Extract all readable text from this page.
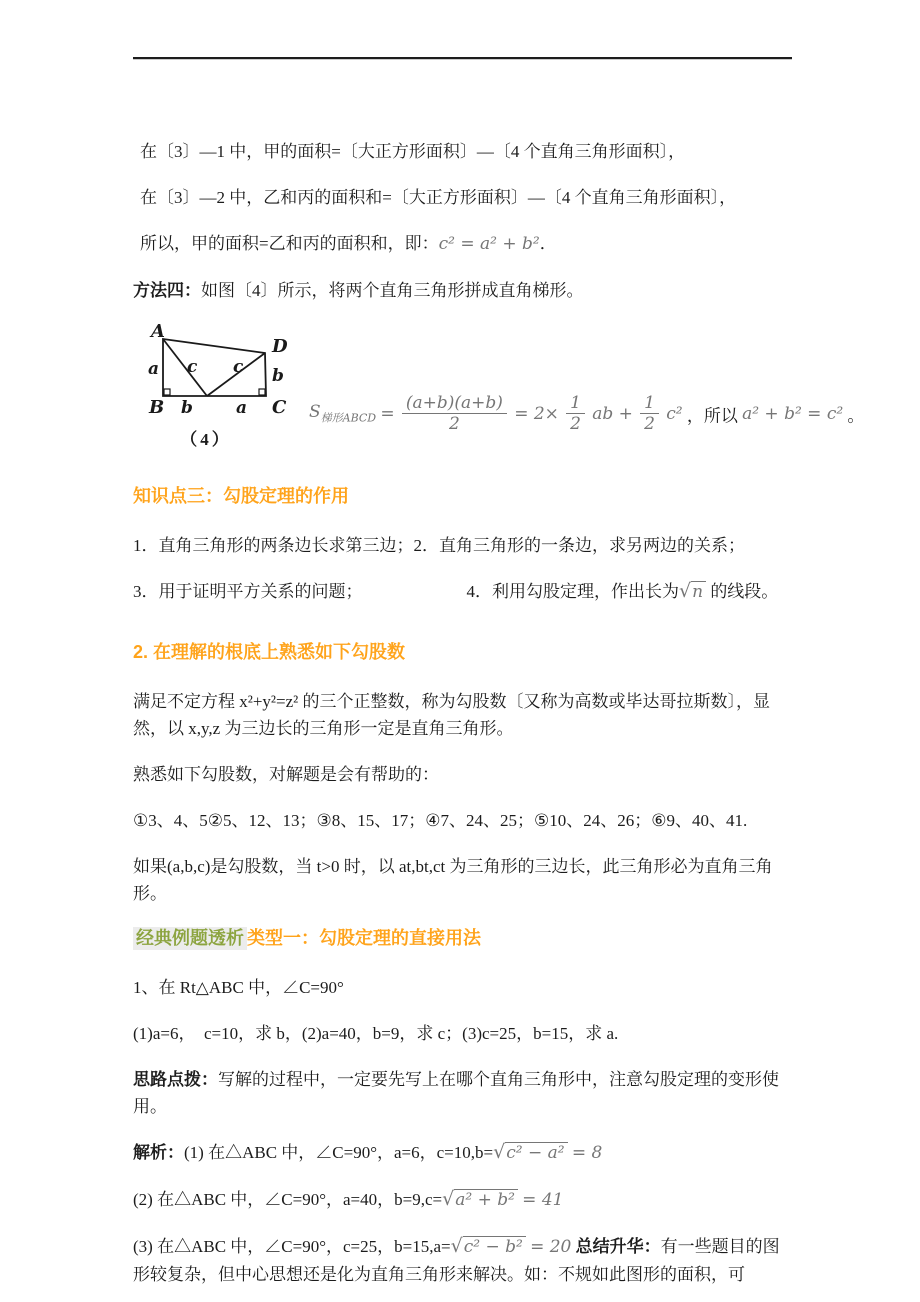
在〔3〕—1 中，甲的面积=〔大正方形面积〕—〔4 个直角三角形面积〕，

在〔3〕—2 中，乙和丙的面积和=〔大正方形面积〕—〔4 个直角三角形面积〕，

所以，甲的面积=乙和丙的面积和，即：c² = a² + b²．

方法四：如图〔4〕所示，将两个直角三角形拼成直角梯形。

A
B	C
D
a	b
c c
b	a
（4）
$S_{梯形ABCD} = \frac{(a+b)(a+b)}{2} = 2\times \frac{1}{2}$ ab + $\frac{1}{2} c^2$ ，所以 a² + b² = c² 。
知识点三：勾股定理的作用

1．直角三角形的两条边长求第三边；2．直角三角形的一条边，求另两边的关系；

3．用于证明平方关系的问题；	4．利用勾股定理，作出长为√n 的线段。

2. 在理解的根底上熟悉如下勾股数

满足不定方程 x²+y²=z² 的三个正整数，称为勾股数〔又称为高数或毕达哥拉斯数〕，显然，以 x,y,z 为三边长的三角形一定是直角三角形。

熟悉如下勾股数，对解题是会有帮助的：

①3、4、5②5、12、13；③8、15、17；④7、24、25；⑤10、24、26；⑥9、40、41.

如果(a,b,c)是勾股数，当 t>0 时，以 at,bt,ct 为三角形的三边长，此三角形必为直角三角形。

经典例题透析 类型一：勾股定理的直接用法

1、在 Rt△ABC 中，∠C=90°

(1)a=6，　c=10，求 b，(2)a=40，b=9，求 c；(3)c=25，b=15，求 a.

思路点拨：写解的过程中，一定要先写上在哪个直角三角形中，注意勾股定理的变形使用。

解析：(1) 在△ABC 中，∠C=90°，a=6，c=10,b=√c² − a² = 8

(2) 在△ABC 中，∠C=90°，a=40，b=9,c=√a² + b² = 41

(3) 在△ABC 中，∠C=90°，c=25，b=15,a=√c² − b² = 20 总结升华：有一些题目的图形较复杂，但中心思想还是化为直角三角形来解决。如：不规如此图形的面积，可
